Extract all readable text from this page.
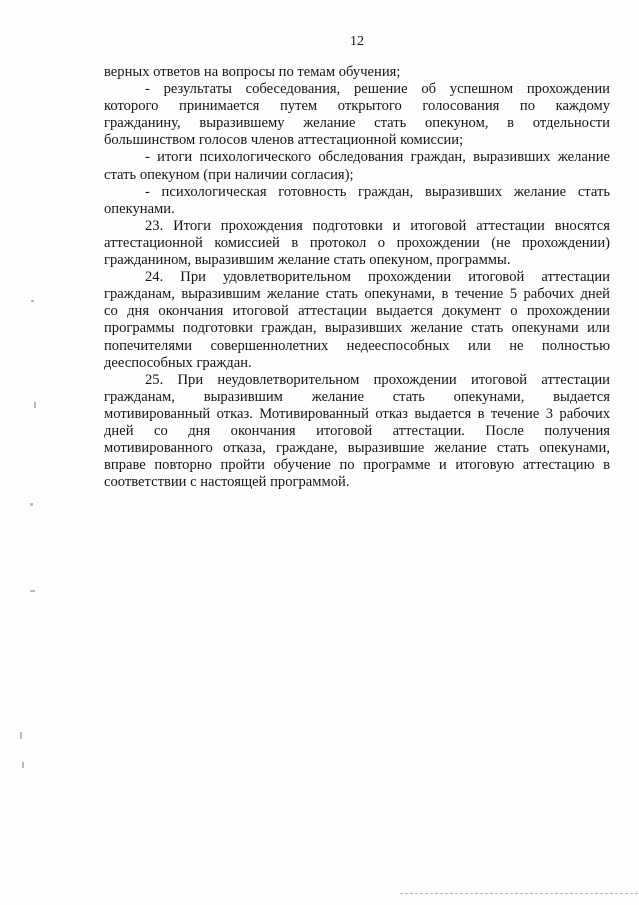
12
верных ответов на вопросы по темам обучения;
- результаты собеседования, решение об успешном прохождении
которого принимается путем открытого голосования по каждому
гражданину, выразившему желание стать опекуном, в отдельности
большинством голосов членов аттестационной комиссии;
- итоги психологического обследования граждан, выразивших желание
стать опекуном (при наличии согласия);
- психологическая готовность граждан, выразивших желание стать
опекунами.
23. Итоги прохождения подготовки и итоговой аттестации вносятся
аттестационной комиссией в протокол о прохождении (не прохождении)
гражданином, выразившим желание стать опекуном, программы.
24. При удовлетворительном прохождении итоговой аттестации
гражданам, выразившим желание стать опекунами, в течение 5 рабочих дней
со дня окончания итоговой аттестации выдается документ о прохождении
программы подготовки граждан, выразивших желание стать опекунами или
попечителями совершеннолетних недееспособных или не полностью
дееспособных граждан.
25. При неудовлетворительном прохождении итоговой аттестации
гражданам, выразившим желание стать опекунами, выдается
мотивированный отказ. Мотивированный отказ выдается в течение 3 рабочих
дней со дня окончания итоговой аттестации. После получения
мотивированного отказа, граждане, выразившие желание стать опекунами,
вправе повторно пройти обучение по программе и итоговую аттестацию в
соответствии с настоящей программой.
